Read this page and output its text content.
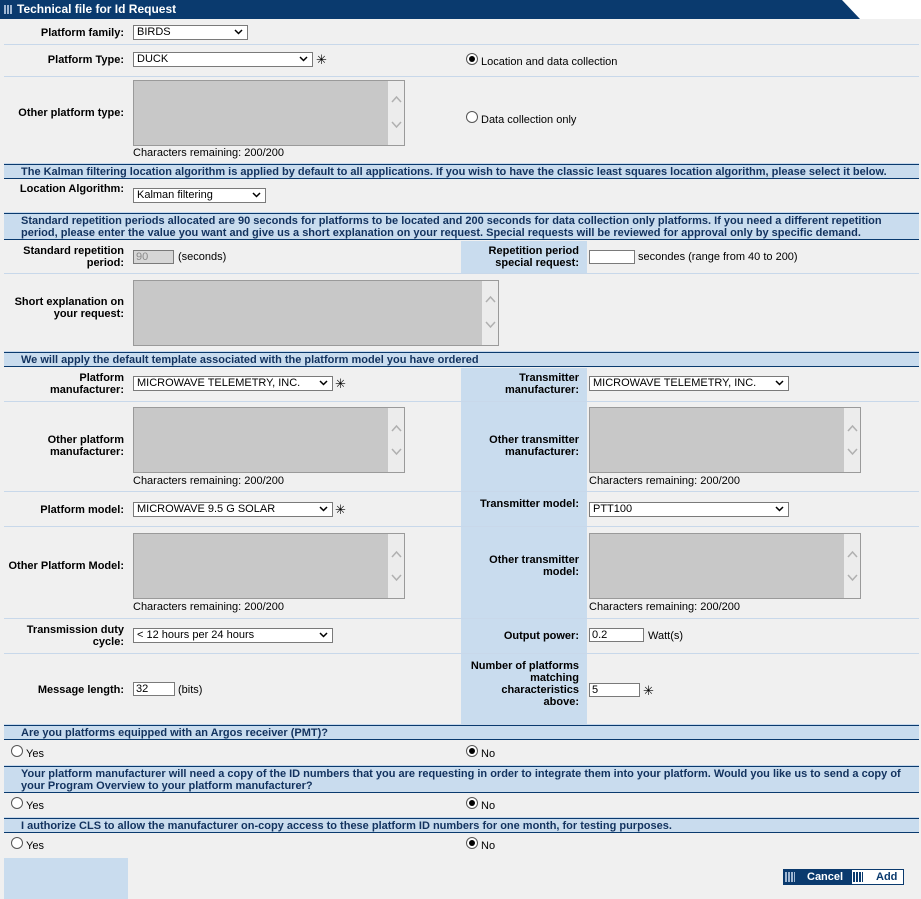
Technical file for Id Request
Platform family:	BIRDS
Platform Type:	DUCK	✳	Location and data collection
Other platform type:
Characters remaining: 200/200
Data collection only
The Kalman filtering location algorithm is applied by default to all applications. If you wish to have the classic least squares location algorithm, please select it below.
Location Algorithm:	Kalman filtering
Standard repetition periods allocated are 90 seconds for platforms to be located and 200 seconds for data collection only platforms. If you need a different repetition period, please enter the value you want and give us a short explanation on your request. Special requests will be reviewed for approval only by specific demand.
Standard repetition period: 90	(seconds)	Repetition period special request:	secondes (range from 40 to 200)
Short explanation on your request:
We will apply the default template associated with the platform model you have ordered
Platform manufacturer:
MICROWAVE TELEMETRY, INC.	✳	Transmitter manufacturer:
MICROWAVE TELEMETRY, INC.
Other platform manufacturer:
Characters remaining: 200/200
Other transmitter manufacturer:
Characters remaining: 200/200
Platform model:	MICROWAVE 9.5 G SOLAR	✳	Transmitter model:	PTT100
Other Platform Model:
Characters remaining: 200/200
Other transmitter model:
Characters remaining: 200/200
Transmission duty cycle:
< 12 hours per 24 hours	Output power: 0.2	Watt(s)
Message length: 32	(bits)
Number of platforms matching characteristics above:
5	✳
Are you platforms equipped with an Argos receiver (PMT)?
Yes	No
Your platform manufacturer will need a copy of the ID numbers that you are requesting in order to integrate them into your platform. Would you like us to send a copy of your Program Overview to your platform manufacturer?
Yes	No
I authorize CLS to allow the manufacturer on-copy access to these platform ID numbers for one month, for testing purposes.
Yes	No
Cancel	Add
